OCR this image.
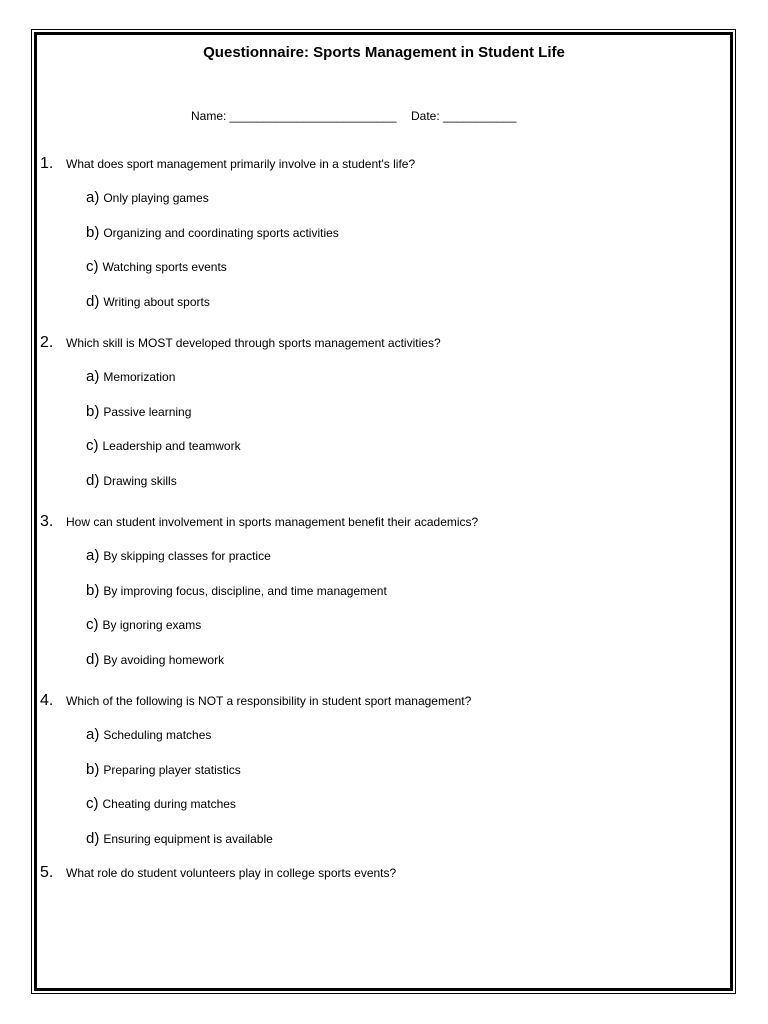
Questionnaire: Sports Management in Student Life
Name: _________________________ Date: ___________
1.	What does sport management primarily involve in a student's life?
a) Only playing games
b) Organizing and coordinating sports activities
c) Watching sports events
d) Writing about sports
2.	Which skill is MOST developed through sports management activities?
a) Memorization
b) Passive learning
c) Leadership and teamwork
d) Drawing skills
3.	How can student involvement in sports management benefit their academics?
a) By skipping classes for practice
b) By improving focus, discipline, and time management
c) By ignoring exams
d) By avoiding homework
4.	Which of the following is NOT a responsibility in student sport management?
a) Scheduling matches
b) Preparing player statistics
c) Cheating during matches
d) Ensuring equipment is available
5.	What role do student volunteers play in college sports events?
